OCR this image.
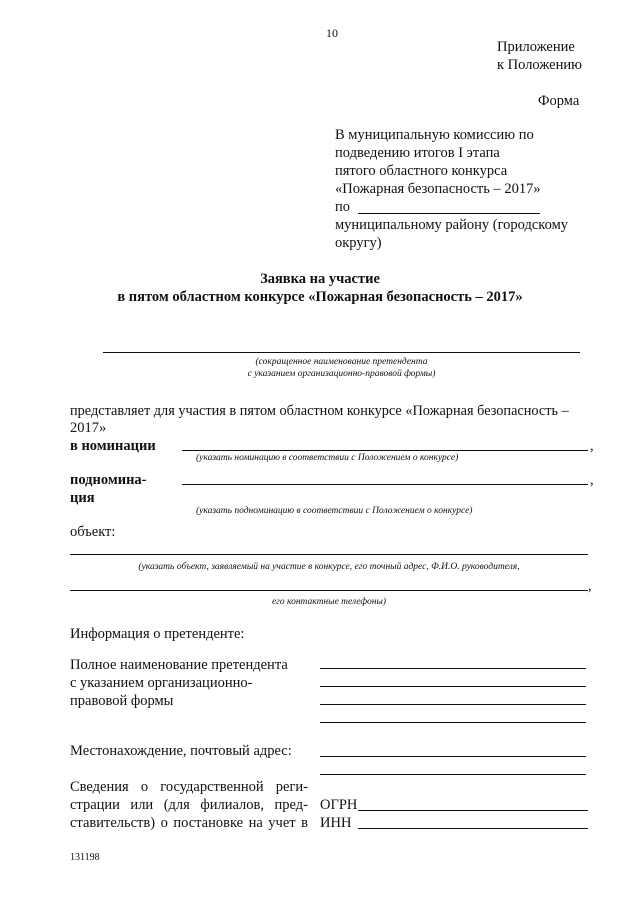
10
Приложение
к Положению
Форма
В муниципальную комиссию по
подведению итогов I этапа
пятого областного конкурса
«Пожарная безопасность – 2017»
по
муниципальному району (городскому
округу)
Заявка на участие
в пятом областном конкурсе «Пожарная безопасность – 2017»
(сокращенное наименование претендента
с указанием организационно-правовой формы)
представляет для участия в пятом областном конкурсе «Пожарная безопасность –
2017»
в номинации	,
(указать номинацию в соответствии с Положением о конкурсе)
подномина-
ция
,
(указать подноминацию в соответствии с Положением о конкурсе)
объект:
(указать объект, заявляемый на участие в конкурсе, его точный адрес, Ф.И.О. руководителя,
,
его контактные телефоны)
Информация о претенденте:
Полное наименование претендента
с указанием организационно-
правовой формы
Местонахождение, почтовый адрес:
Сведения о государственной реги-
страции или (для филиалов, пред-
ставительств) о постановке на учет в
ОГРН
ИНН
131198
